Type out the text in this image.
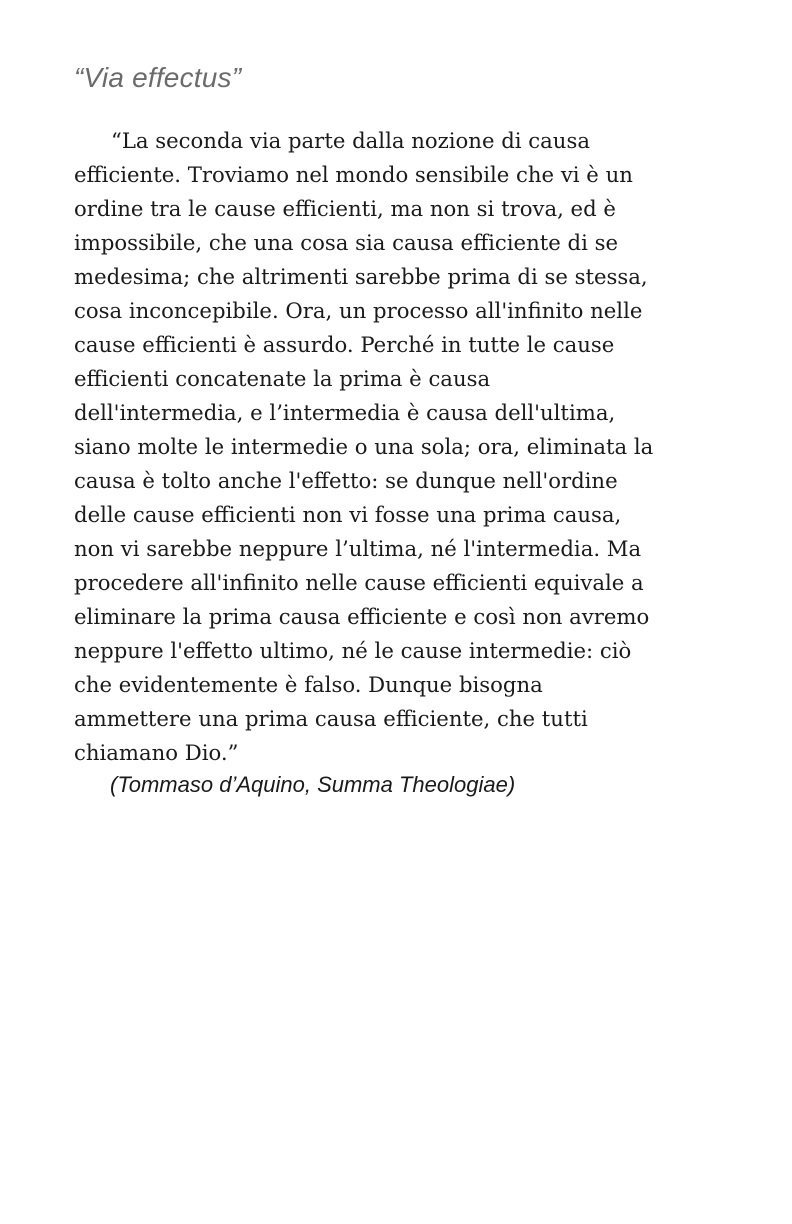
“Via effectus”
“La seconda via parte dalla nozione di causa
efficiente. Troviamo nel mondo sensibile che vi è un
ordine tra le cause efficienti, ma non si trova, ed è
impossibile, che una cosa sia causa efficiente di se
medesima; che altrimenti sarebbe prima di se stessa,
cosa inconcepibile. Ora, un processo all'infinito nelle
cause efficienti è assurdo. Perché in tutte le cause
efficienti concatenate la prima è causa
dell'intermedia, e l’intermedia è causa dell'ultima,
siano molte le intermedie o una sola; ora, eliminata la
causa è tolto anche l'effetto: se dunque nell'ordine
delle cause efficienti non vi fosse una prima causa,
non vi sarebbe neppure l’ultima, né l'intermedia. Ma
procedere all'infinito nelle cause efficienti equivale a
eliminare la prima causa efficiente e così non avremo
neppure l'effetto ultimo, né le cause intermedie: ciò
che evidentemente è falso. Dunque bisogna
ammettere una prima causa efficiente, che tutti
chiamano Dio.”
(Tommaso d’Aquino, Summa Theologiae)
